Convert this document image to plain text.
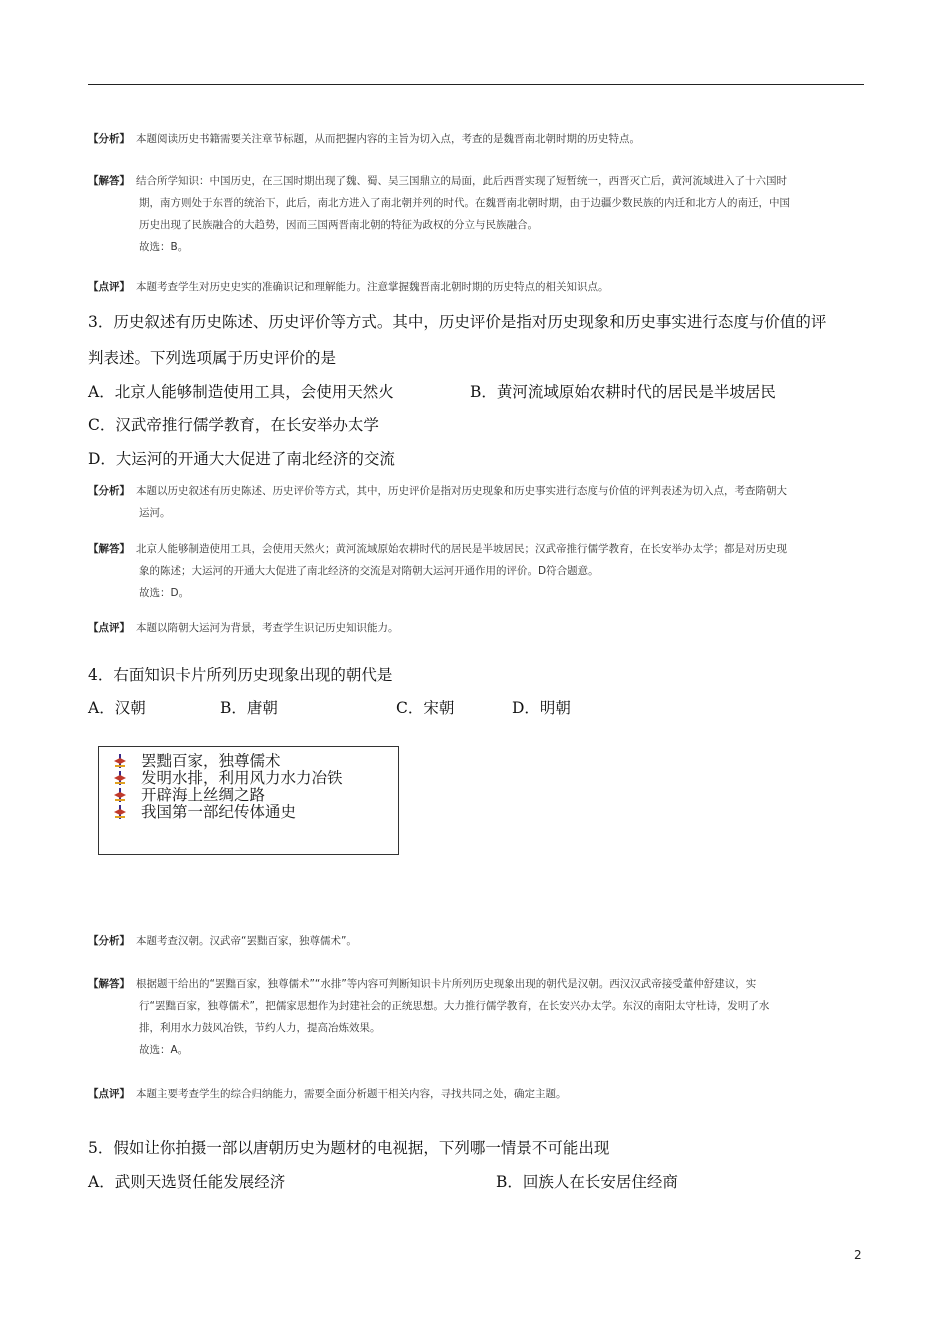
【分析】 本题阅读历史书籍需要关注章节标题，从而把握内容的主旨为切入点，考查的是魏晋南北朝时期的历史特点。
【解答】 结合所学知识：中国历史，在三国时期出现了魏、蜀、吴三国鼎立的局面，此后西晋实现了短暂统一，西晋灭亡后，黄河流域进入了十六国时
期，南方则处于东晋的统治下，此后，南北方进入了南北朝并列的时代。在魏晋南北朝时期，由于边疆少数民族的内迁和北方人的南迁，中国
历史出现了民族融合的大趋势，因而三国两晋南北朝的特征为政权的分立与民族融合。
故选：B。
【点评】 本题考查学生对历史史实的准确识记和理解能力。注意掌握魏晋南北朝时期的历史特点的相关知识点。
3．历史叙述有历史陈述、历史评价等方式。其中，历史评价是指对历史现象和历史事实进行态度与价值的评
判表述。下列选项属于历史评价的是
A．北京人能够制造使用工具，会使用天然火	B．黄河流域原始农耕时代的居民是半坡居民
C．汉武帝推行儒学教育，在长安举办太学
D．大运河的开通大大促进了南北经济的交流
【分析】 本题以历史叙述有历史陈述、历史评价等方式，其中，历史评价是指对历史现象和历史事实进行态度与价值的评判表述为切入点，考查隋朝大
运河。
【解答】 北京人能够制造使用工具，会使用天然火；黄河流域原始农耕时代的居民是半坡居民；汉武帝推行儒学教育，在长安举办太学；都是对历史现
象的陈述；大运河的开通大大促进了南北经济的交流是对隋朝大运河开通作用的评价。D符合题意。
故选：D。
【点评】 本题以隋朝大运河为背景，考查学生识记历史知识能力。
4．右面知识卡片所列历史现象出现的朝代是
A．汉朝	B．唐朝	C．宋朝	D．明朝
罢黜百家，独尊儒术
发明水排，利用风力水力冶铁
开辟海上丝绸之路
我国第一部纪传体通史
【分析】 本题考查汉朝。汉武帝“罢黜百家，独尊儒术”。
【解答】 根据题干给出的“罢黜百家，独尊儒术”“水排”等内容可判断知识卡片所列历史现象出现的朝代是汉朝。西汉汉武帝接受董仲舒建议，实
行“罢黜百家，独尊儒术”，把儒家思想作为封建社会的正统思想。大力推行儒学教育，在长安兴办太学。东汉的南阳太守杜诗，发明了水
排，利用水力鼓风冶铁，节约人力，提高冶炼效果。
故选：A。
【点评】 本题主要考查学生的综合归纳能力，需要全面分析题干相关内容，寻找共同之处，确定主题。
5．假如让你拍摄一部以唐朝历史为题材的电视据，下列哪一情景不可能出现
A．武则天选贤任能发展经济	B．回族人在长安居住经商
2
